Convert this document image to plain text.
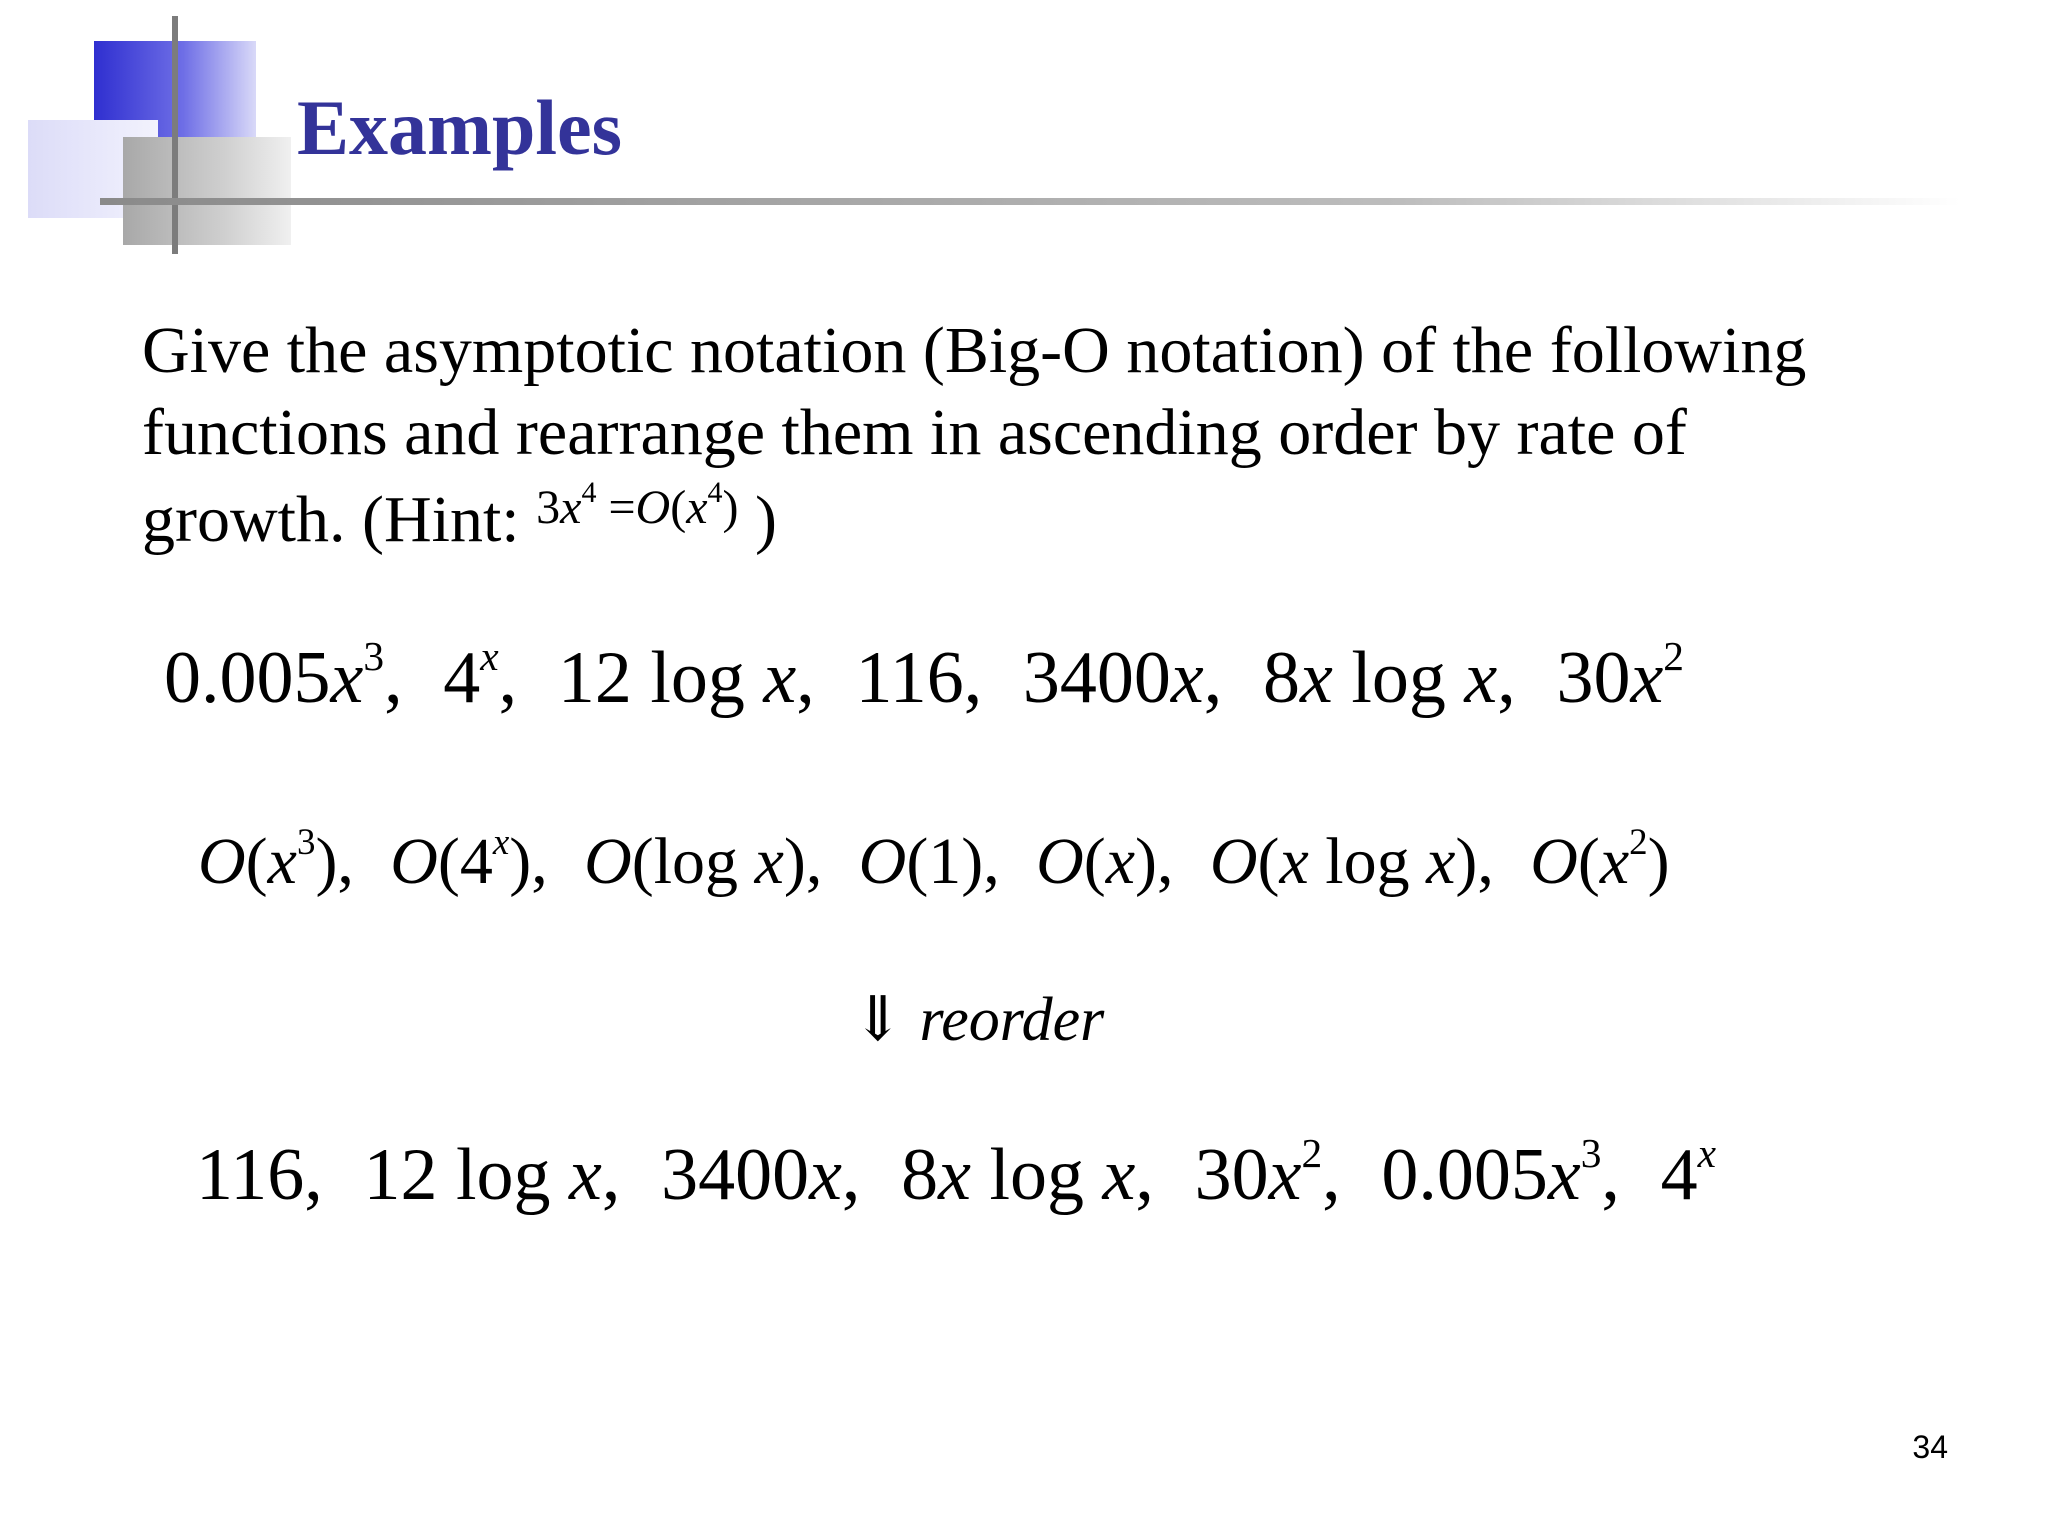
Examples
Give the asymptotic notation (Big-O notation) of the following
functions and rearrange them in ascending order by rate of
growth. (Hint: $^{3x^4 =O(x^4)}$ )
$0.005x^3$, 4$^x$, 12 log x, 116, 3400x, 8x log x, $30x^2$
$O(x^3)$, O(4$^x$), O(log x), O(1), O(x), O(x log x), $O(x^2)$
⇓ reorder
116, 12 log x, 3400x, 8x log x, $30x^2$, $0.005x^3$, 4$^x$
34
